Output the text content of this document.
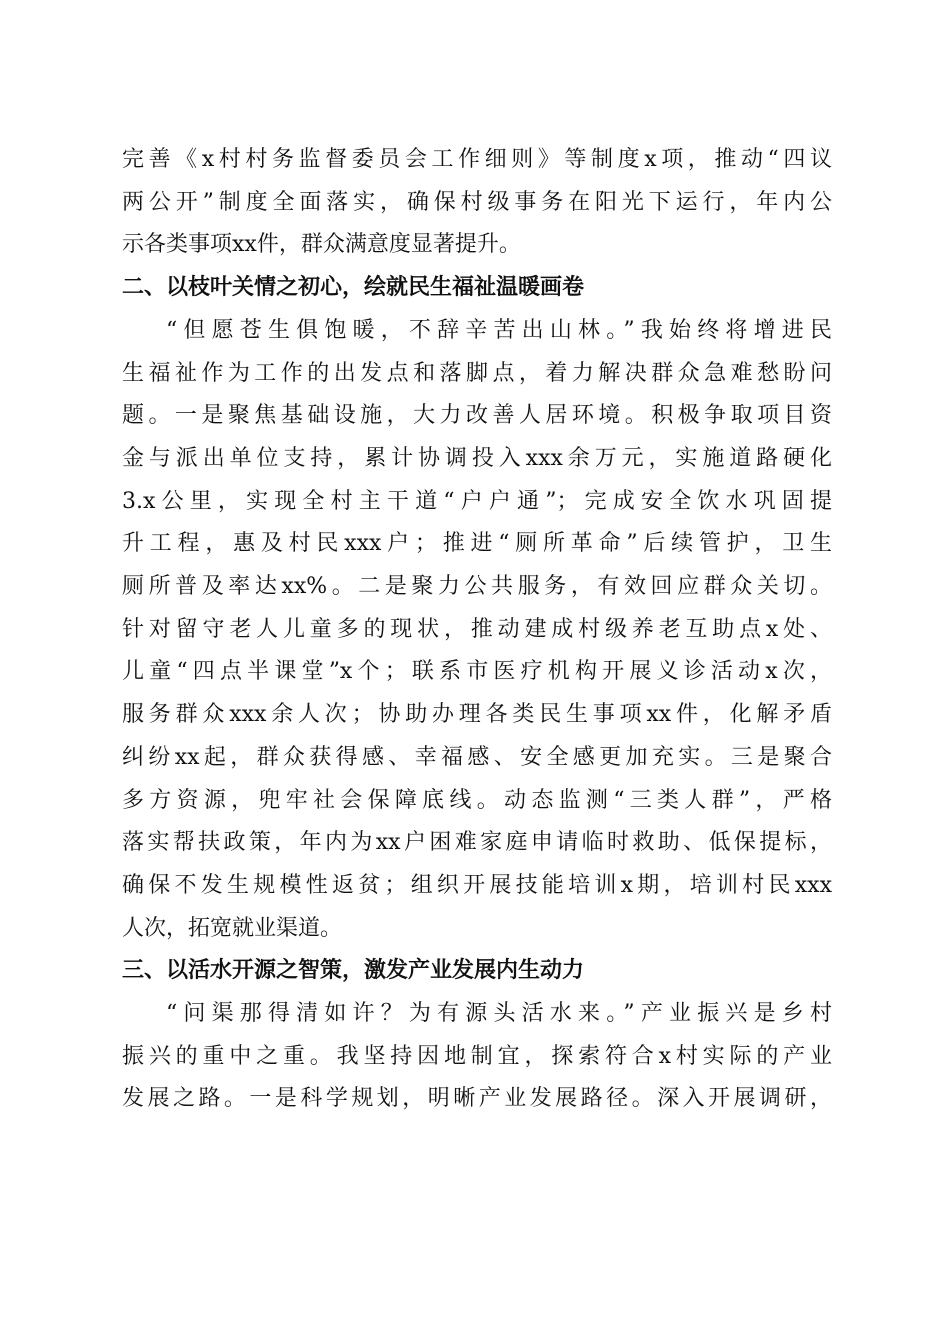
完善《x村村务监督委员会工作细则》等制度x项，推动“四议
两公开”制度全面落实，确保村级事务在阳光下运行，年内公
示各类事项xx件，群众满意度显著提升。

二、以枝叶关情之初心，绘就民生福祉温暖画卷

“但愿苍生俱饱暖，不辞辛苦出山林。”我始终将增进民
生福祉作为工作的出发点和落脚点，着力解决群众急难愁盼问
题。一是聚焦基础设施，大力改善人居环境。积极争取项目资
金与派出单位支持，累计协调投入xxx余万元，实施道路硬化
3.x公里，实现全村主干道“户户通”；完成安全饮水巩固提
升工程，惠及村民xxx户；推进“厕所革命”后续管护，卫生
厕所普及率达xx%。二是聚力公共服务，有效回应群众关切。
针对留守老人儿童多的现状，推动建成村级养老互助点x处、
儿童“四点半课堂”x个；联系市医疗机构开展义诊活动x次，
服务群众xxx余人次；协助办理各类民生事项xx件，化解矛盾
纠纷xx起，群众获得感、幸福感、安全感更加充实。三是聚合
多方资源，兜牢社会保障底线。动态监测“三类人群”，严格
落实帮扶政策，年内为xx户困难家庭申请临时救助、低保提标，
确保不发生规模性返贫；组织开展技能培训x期，培训村民xxx
人次，拓宽就业渠道。

三、以活水开源之智策，激发产业发展内生动力

“问渠那得清如许？为有源头活水来。”产业振兴是乡村
振兴的重中之重。我坚持因地制宜，探索符合x村实际的产业
发展之路。一是科学规划，明晰产业发展路径。深入开展调研，
